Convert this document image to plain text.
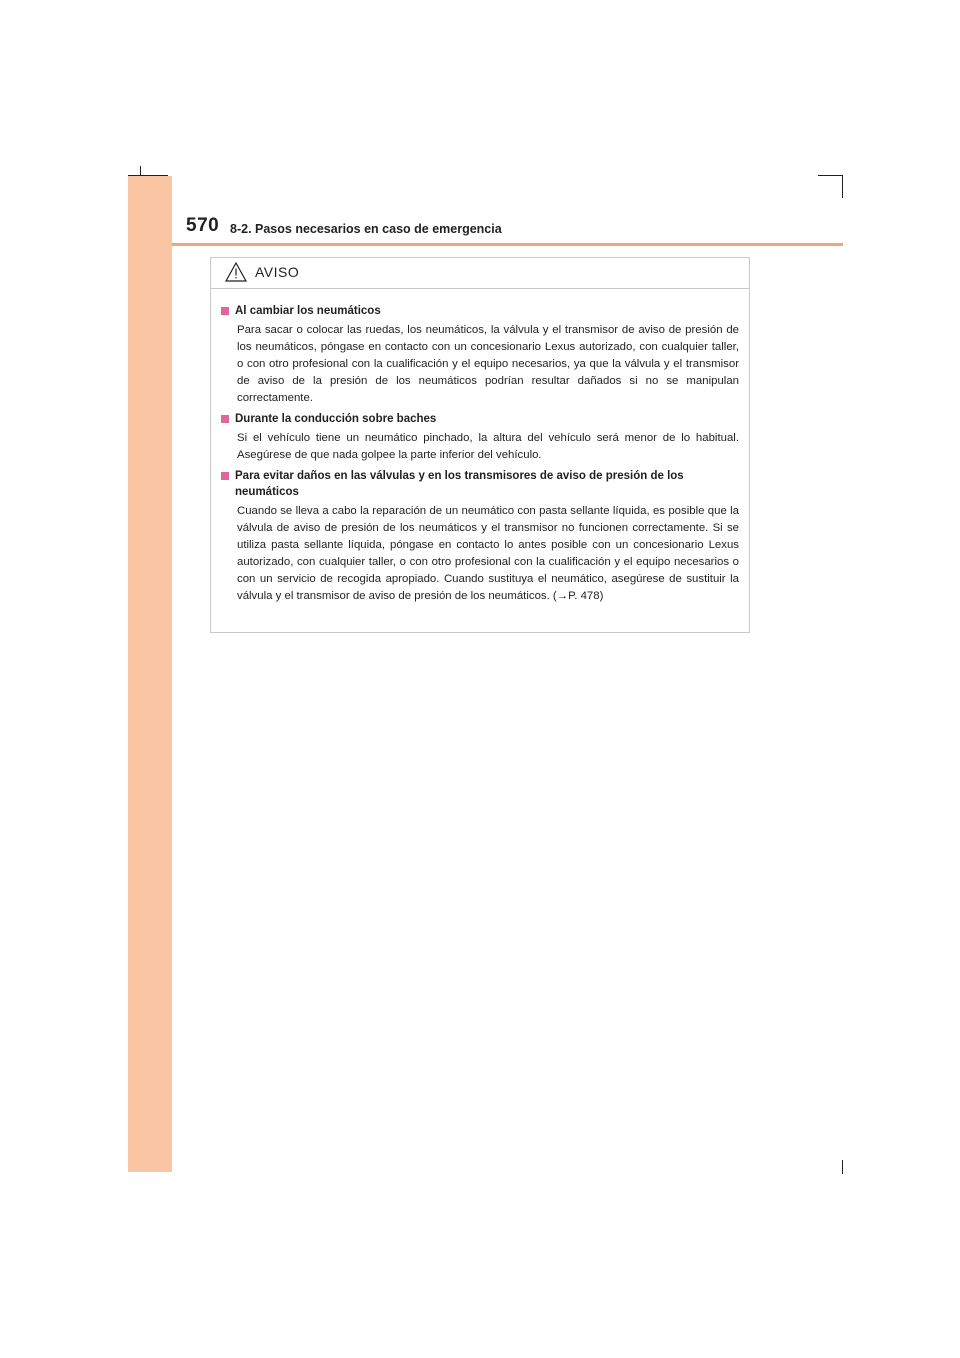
570 8-2. Pasos necesarios en caso de emergencia
AVISO
Al cambiar los neumáticos
Para sacar o colocar las ruedas, los neumáticos, la válvula y el transmisor de aviso de presión de los neumáticos, póngase en contacto con un concesionario Lexus autorizado, con cualquier taller, o con otro profesional con la cualificación y el equipo necesarios, ya que la válvula y el transmisor de aviso de la presión de los neumáticos podrían resultar dañados si no se manipulan correctamente.
Durante la conducción sobre baches
Si el vehículo tiene un neumático pinchado, la altura del vehículo será menor de lo habitual. Asegúrese de que nada golpee la parte inferior del vehículo.
Para evitar daños en las válvulas y en los transmisores de aviso de presión de los neumáticos
Cuando se lleva a cabo la reparación de un neumático con pasta sellante líquida, es posible que la válvula de aviso de presión de los neumáticos y el transmisor no funcionen correctamente. Si se utiliza pasta sellante líquida, póngase en contacto lo antes posible con un concesionario Lexus autorizado, con cualquier taller, o con otro profesional con la cualificación y el equipo necesarios o con un servicio de recogida apropiado. Cuando sustituya el neumático, asegúrese de sustituir la válvula y el transmisor de aviso de presión de los neumáticos. (→P. 478)
